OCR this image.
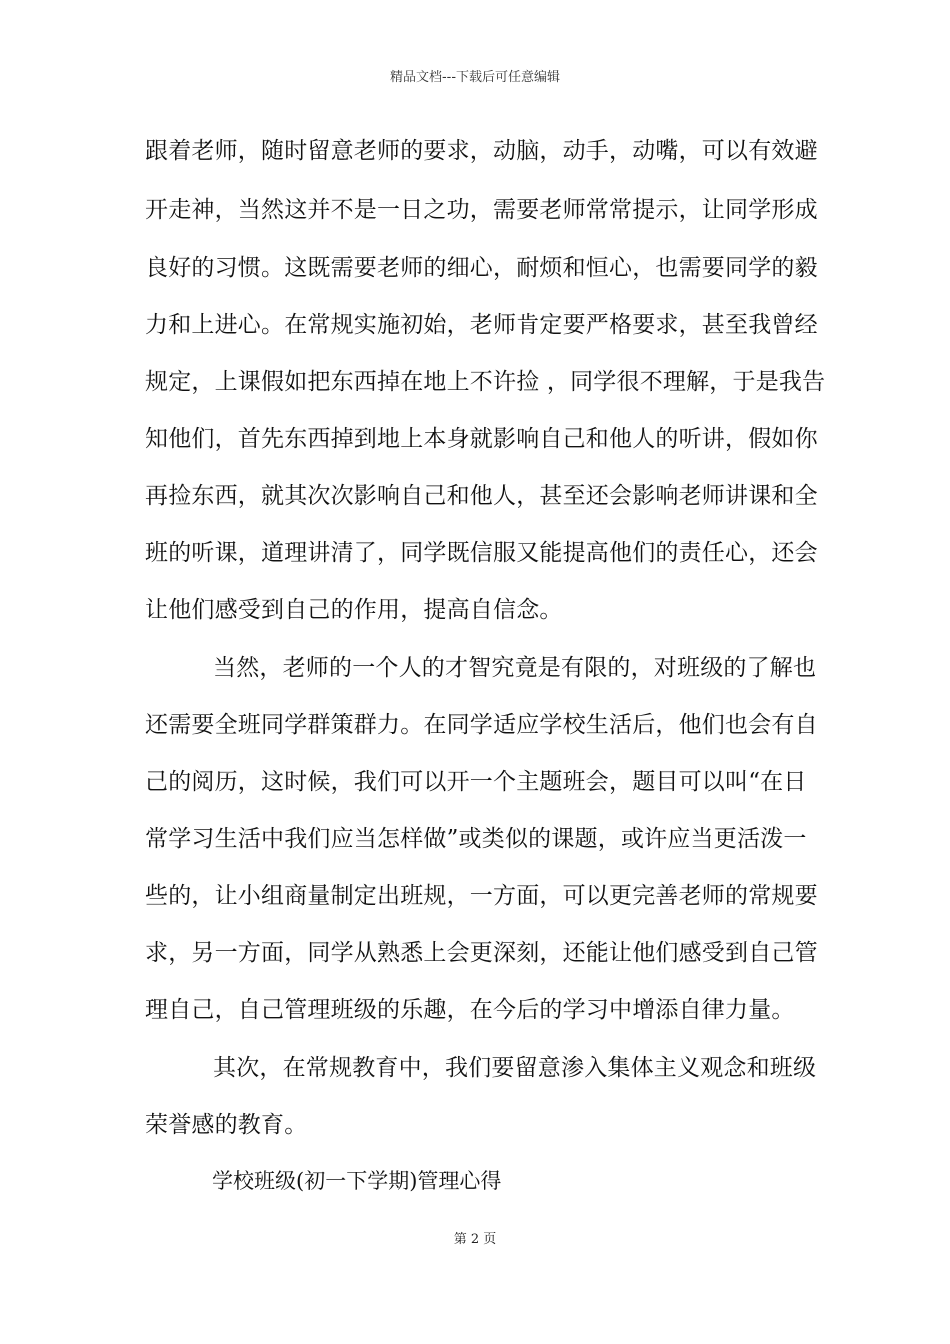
精品文档---下载后可任意编辑
跟着老师，随时留意老师的要求，动脑，动手，动嘴，可以有效避
开走神，当然这并不是一日之功，需要老师常常提示，让同学形成
良好的习惯。这既需要老师的细心，耐烦和恒心，也需要同学的毅
力和上进心。在常规实施初始，老师肯定要严格要求，甚至我曾经
规定，上课假如把东西掉在地上不许捡 ，同学很不理解，于是我告
知他们，首先东西掉到地上本身就影响自己和他人的听讲，假如你
再捡东西，就其次次影响自己和他人，甚至还会影响老师讲课和全
班的听课，道理讲清了，同学既信服又能提高他们的责任心，还会
让他们感受到自己的作用，提高自信念。
当然，老师的一个人的才智究竟是有限的，对班级的了解也
还需要全班同学群策群力。在同学适应学校生活后，他们也会有自
己的阅历，这时候，我们可以开一个主题班会，题目可以叫“在日
常学习生活中我们应当怎样做”或类似的课题，或许应当更活泼一
些的，让小组商量制定出班规，一方面，可以更完善老师的常规要
求，另一方面，同学从熟悉上会更深刻，还能让他们感受到自己管
理自己，自己管理班级的乐趣，在今后的学习中增添自律力量。
其次，在常规教育中，我们要留意渗入集体主义观念和班级
荣誉感的教育。
学校班级(初一下学期)管理心得
第 2 页
